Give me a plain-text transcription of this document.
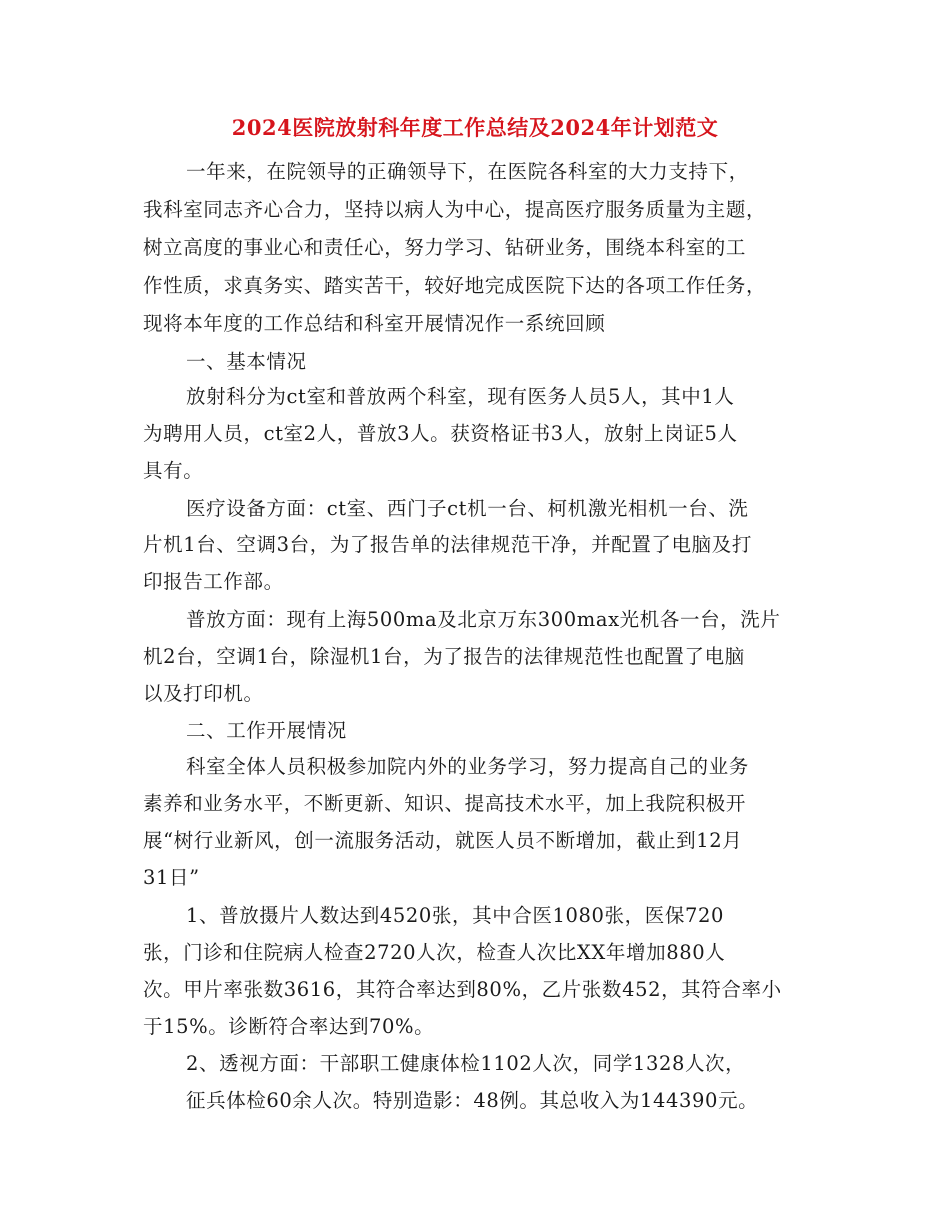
2024医院放射科年度工作总结及2024年计划范文
一年来，在院领导的正确领导下，在医院各科室的大力支持下，
我科室同志齐心合力，坚持以病人为中心，提高医疗服务质量为主题，
树立高度的事业心和责任心，努力学习、钻研业务，围绕本科室的工
作性质，求真务实、踏实苦干，较好地完成医院下达的各项工作任务，
现将本年度的工作总结和科室开展情况作一系统回顾
一、基本情况
放射科分为ct室和普放两个科室，现有医务人员5人，其中1人
为聘用人员，ct室2人，普放3人。获资格证书3人，放射上岗证5人
具有。
医疗设备方面：ct室、西门子ct机一台、柯机激光相机一台、洗
片机1台、空调3台，为了报告单的法律规范干净，并配置了电脑及打
印报告工作部。
普放方面：现有上海500ma及北京万东300max光机各一台，洗片
机2台，空调1台，除湿机1台，为了报告的法律规范性也配置了电脑
以及打印机。
二、工作开展情况
科室全体人员积极参加院内外的业务学习，努力提高自己的业务
素养和业务水平，不断更新、知识、提高技术水平，加上我院积极开
展“树行业新风，创一流服务活动，就医人员不断增加，截止到12月
31日”
1、普放摄片人数达到4520张，其中合医1080张，医保720
张，门诊和住院病人检查2720人次，检查人次比XX年增加880人
次。甲片率张数3616，其符合率达到80%，乙片张数452，其符合率小
于15%。诊断符合率达到70%。
2、透视方面：干部职工健康体检1102人次，同学1328人次，
征兵体检60余人次。特别造影：48例。其总收入为144390元。
